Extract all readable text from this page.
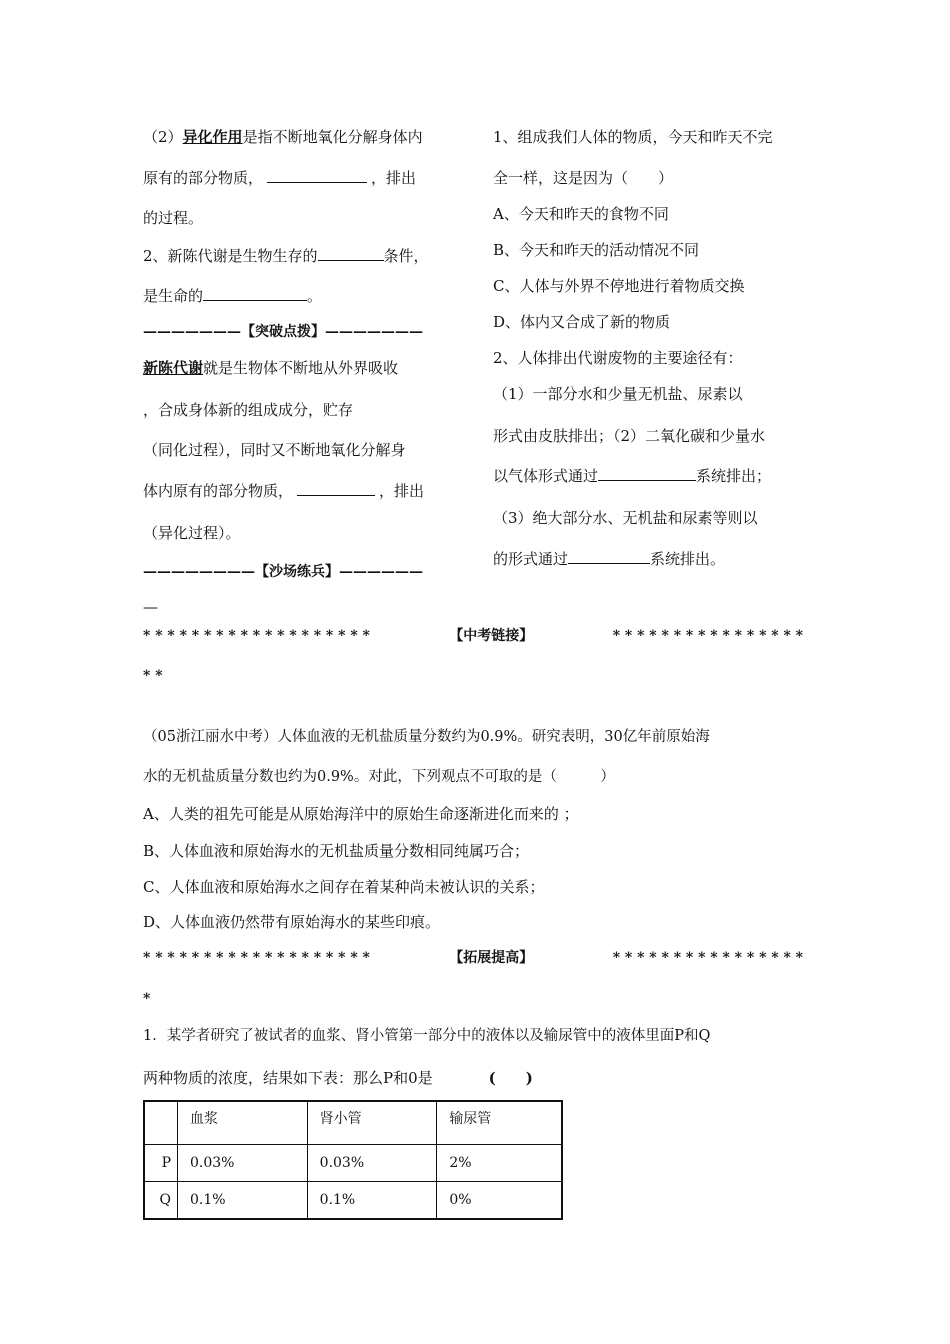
（2）异化作用是指不断地氧化分解身体内
原有的部分物质，	，排出
的过程。
2、新陈代谢是生物生存的	条件，
是生命的	。
———————【突破点拨】———————
新陈代谢就是生物体不断地从外界吸收
，合成身体新的组成成分，贮存
（同化过程），同时又不断地氧化分解身
体内原有的部分物质，	，排出
（异化过程）。
————————【沙场练兵】——————
—
1、组成我们人体的物质，今天和昨天不完
全一样，这是因为（　　）
A、今天和昨天的食物不同
B、今天和昨天的活动情况不同
C、人体与外界不停地进行着物质交换
D、体内又合成了新的物质
2、人体排出代谢废物的主要途径有：
（1）一部分水和少量无机盐、尿素以
形式由皮肤排出；（2）二氧化碳和少量水
以气体形式通过	系统排出；
（3）绝大部分水、无机盐和尿素等则以
的形式通过	系统排出。
* * * * * * * * * * * * * * * * * * *	【中考链接】	* * * * * * * * * * * * * * * *
* *
（05浙江丽水中考）人体血液的无机盐质量分数约为0.9%。研究表明，30亿年前原始海
水的无机盐质量分数也约为0.9%。对此，下列观点不可取的是（　　　）
A、人类的祖先可能是从原始海洋中的原始生命逐渐进化而来的 ；
B、人体血液和原始海水的无机盐质量分数相同纯属巧合；
C、人体血液和原始海水之间存在着某种尚未被认识的关系；
D、人体血液仍然带有原始海水的某些印痕。
* * * * * * * * * * * * * * * * * * *	【拓展提高】	* * * * * * * * * * * * * * * *
*
1．某学者研究了被试者的血浆、肾小管第一部分中的液体以及输尿管中的液体里面P和Q
两种物质的浓度，结果如下表：那么P和0是	(　　)
	血浆	肾小管	输尿管
P	0.03%	0.03%	2%
Q	0.1%	0.1%	0%
